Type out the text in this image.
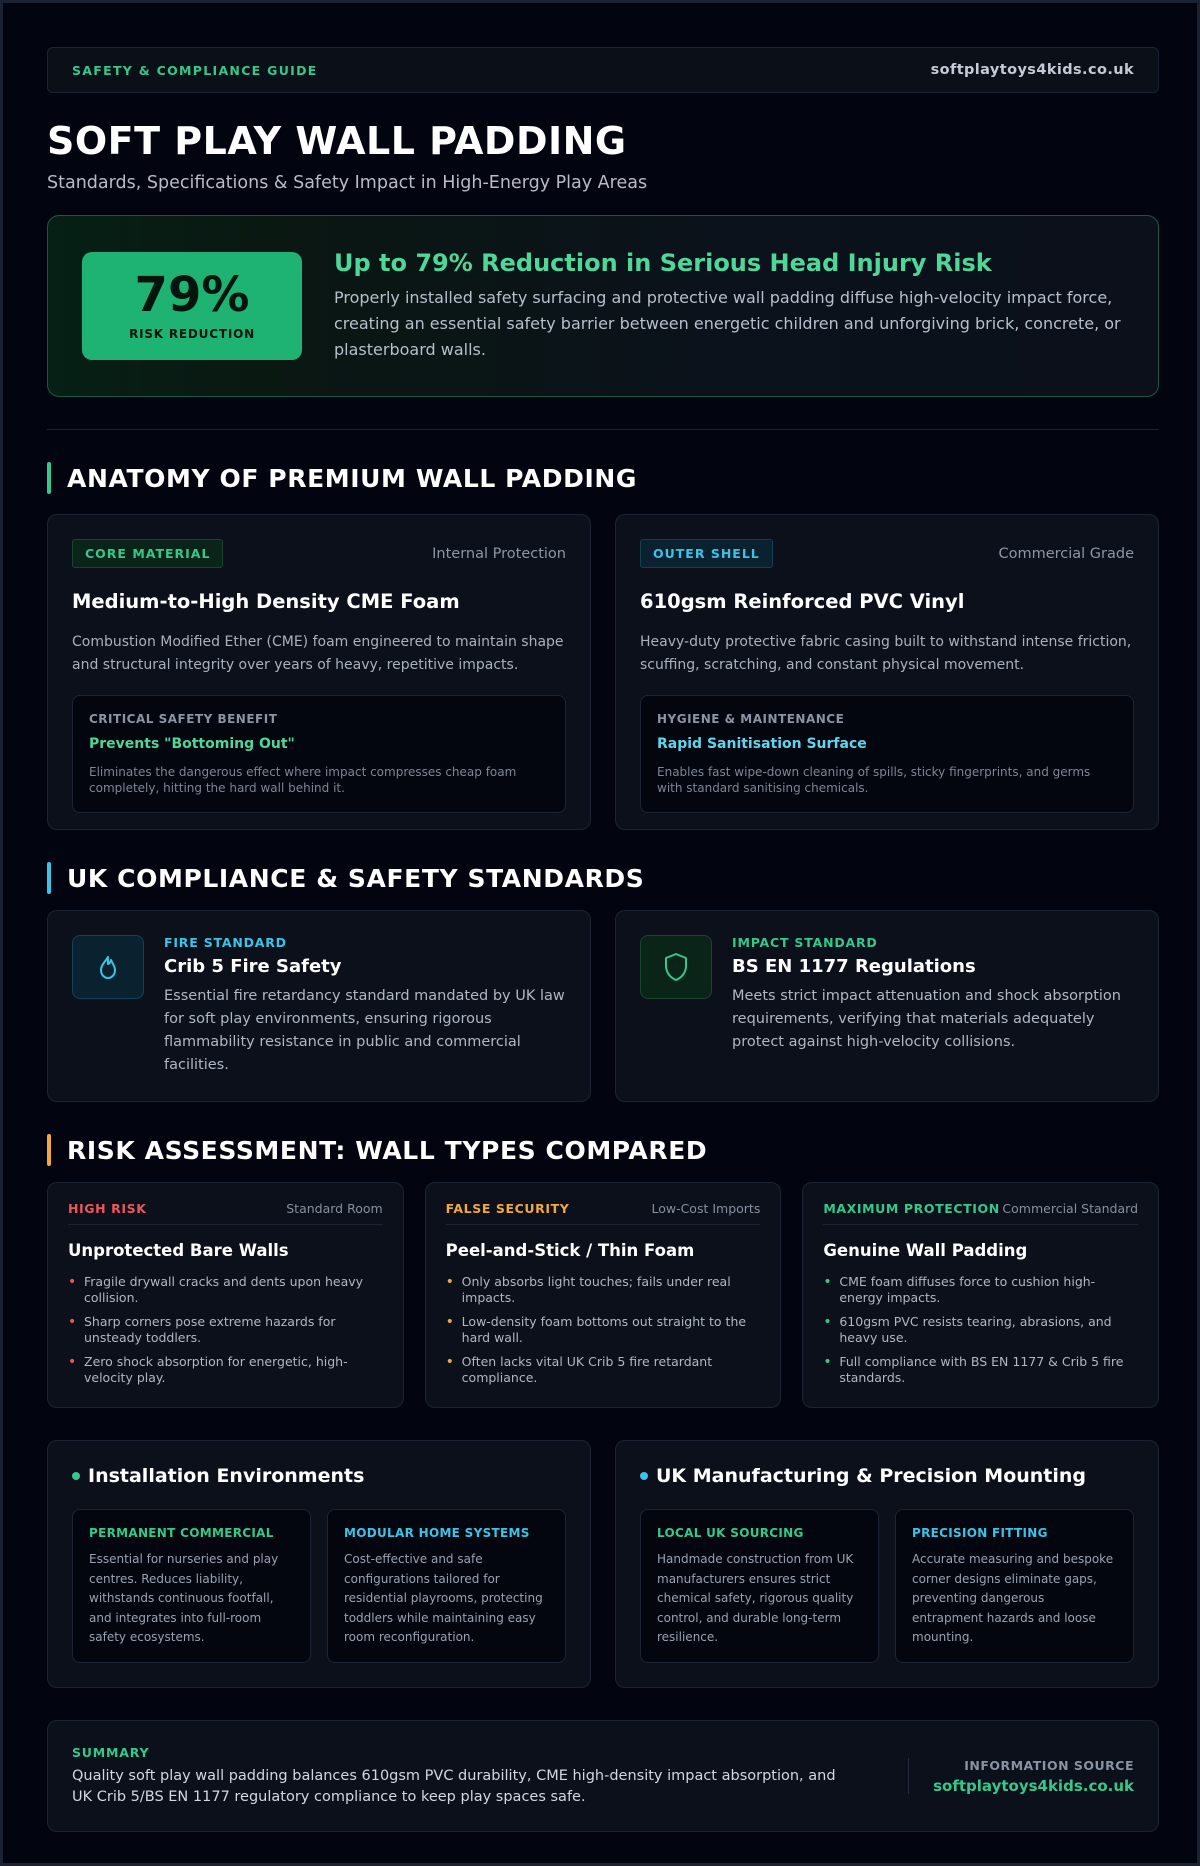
SAFETY & COMPLIANCE GUIDE	softplaytoys4kids.co.uk
SOFT PLAY WALL PADDING
Standards, Specifications & Safety Impact in High-Energy Play Areas
79%
RISK REDUCTION
Up to 79% Reduction in Serious Head Injury Risk
Properly installed safety surfacing and protective wall padding diffuse high-velocity impact force, creating an essential safety barrier between energetic children and unforgiving brick, concrete, or plasterboard walls.
ANATOMY OF PREMIUM WALL PADDING
CORE MATERIAL	Internal Protection
Medium-to-High Density CME Foam
Combustion Modified Ether (CME) foam engineered to maintain shape and structural integrity over years of heavy, repetitive impacts.
CRITICAL SAFETY BENEFIT
Prevents "Bottoming Out"
Eliminates the dangerous effect where impact compresses cheap foam completely, hitting the hard wall behind it.
OUTER SHELL	Commercial Grade
610gsm Reinforced PVC Vinyl
Heavy-duty protective fabric casing built to withstand intense friction, scuffing, scratching, and constant physical movement.
HYGIENE & MAINTENANCE
Rapid Sanitisation Surface
Enables fast wipe-down cleaning of spills, sticky fingerprints, and germs with standard sanitising chemicals.
UK COMPLIANCE & SAFETY STANDARDS
FIRE STANDARD
Crib 5 Fire Safety
Essential fire retardancy standard mandated by UK law for soft play environments, ensuring rigorous flammability resistance in public and commercial facilities.
IMPACT STANDARD
BS EN 1177 Regulations
Meets strict impact attenuation and shock absorption requirements, verifying that materials adequately protect against high-velocity collisions.
RISK ASSESSMENT: WALL TYPES COMPARED
HIGH RISK	Standard Room
Unprotected Bare Walls
• Fragile drywall cracks and dents upon heavy collision.
• Sharp corners pose extreme hazards for unsteady toddlers.
• Zero shock absorption for energetic, high-velocity play.
FALSE SECURITY	Low-Cost Imports
Peel-and-Stick / Thin Foam
• Only absorbs light touches; fails under real impacts.
• Low-density foam bottoms out straight to the hard wall.
• Often lacks vital UK Crib 5 fire retardant compliance.
MAXIMUM PROTECTION Commercial Standard
Genuine Wall Padding
• CME foam diffuses force to cushion high-energy impacts.
• 610gsm PVC resists tearing, abrasions, and heavy use.
• Full compliance with BS EN 1177 & Crib 5 fire standards.
Installation Environments
PERMANENT COMMERCIAL
Essential for nurseries and play centres. Reduces liability, withstands continuous footfall, and integrates into full-room safety ecosystems.
MODULAR HOME SYSTEMS
Cost-effective and safe configurations tailored for residential playrooms, protecting toddlers while maintaining easy room reconfiguration.
UK Manufacturing & Precision Mounting
LOCAL UK SOURCING
Handmade construction from UK manufacturers ensures strict chemical safety, rigorous quality control, and durable long-term resilience.
PRECISION FITTING
Accurate measuring and bespoke corner designs eliminate gaps, preventing dangerous entrapment hazards and loose mounting.
SUMMARY
Quality soft play wall padding balances 610gsm PVC durability, CME high-density impact absorption, and UK Crib 5/BS EN 1177 regulatory compliance to keep play spaces safe.
INFORMATION SOURCE
softplaytoys4kids.co.uk
